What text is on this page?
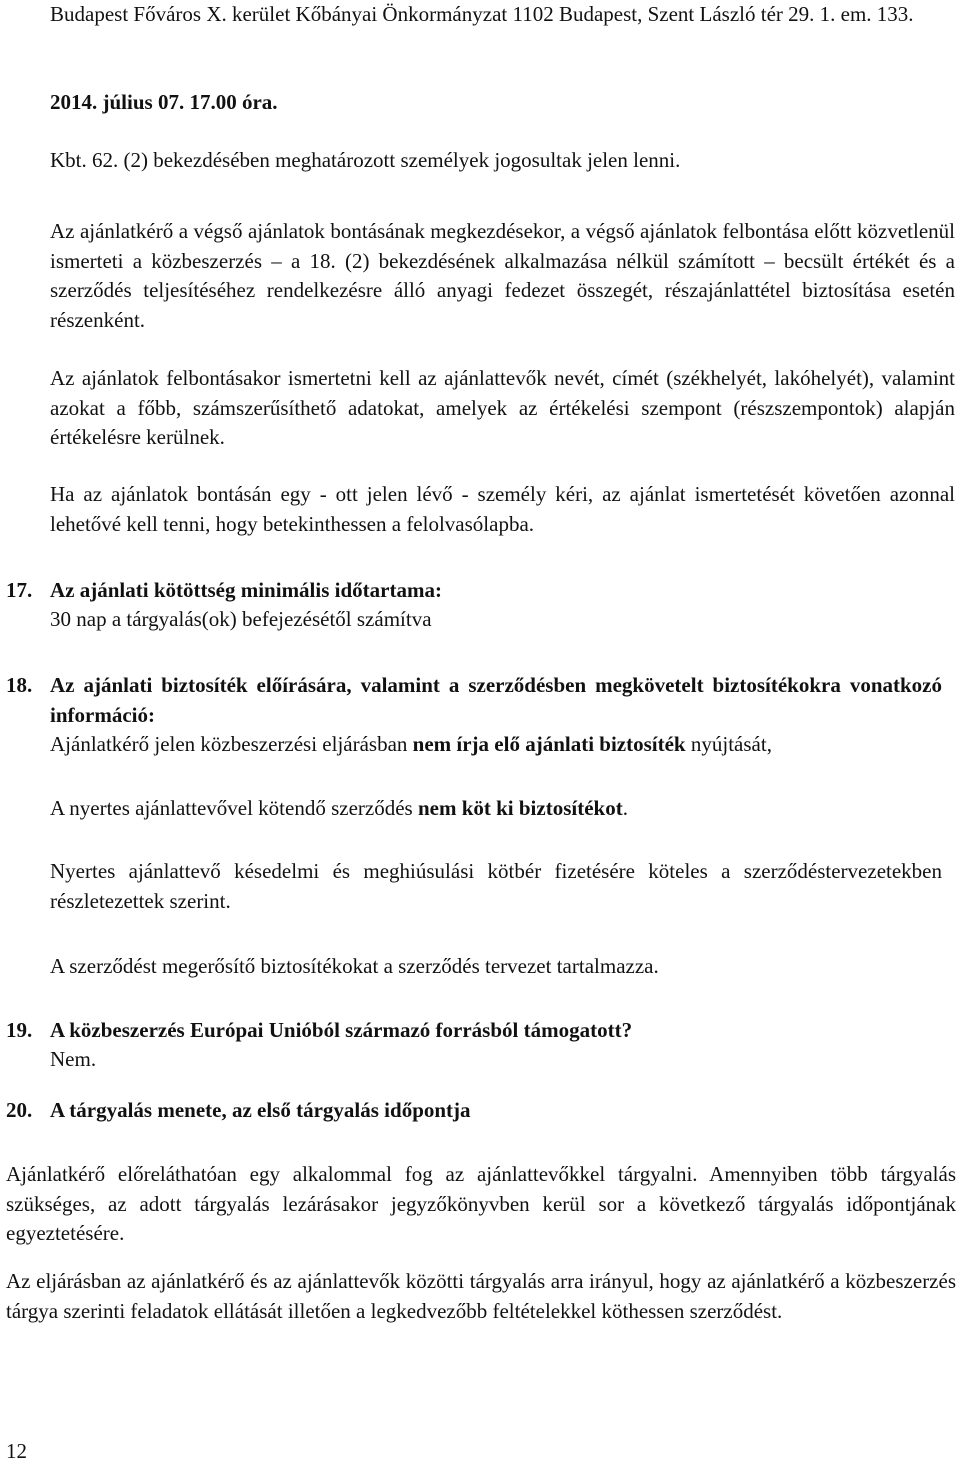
Budapest Főváros X. kerület Kőbányai Önkormányzat 1102 Budapest, Szent László tér 29. 1. em. 133.

2014. július 07. 17.00 óra.

Kbt. 62. (2) bekezdésében meghatározott személyek jogosultak jelen lenni.

Az ajánlatkérő a végső ajánlatok bontásának megkezdésekor, a végső ajánlatok felbontása előtt közvetlenül ismerteti a közbeszerzés – a 18. (2) bekezdésének alkalmazása nélkül számított – becsült értékét és a szerződés teljesítéséhez rendelkezésre álló anyagi fedezet összegét, részajánlattétel biztosítása esetén részenként.

Az ajánlatok felbontásakor ismertetni kell az ajánlattevők nevét, címét (székhelyét, lakóhelyét), valamint azokat a főbb, számszerűsíthető adatokat, amelyek az értékelési szempont (részszempontok) alapján értékelésre kerülnek.

Ha az ajánlatok bontásán egy - ott jelen lévő - személy kéri, az ajánlat ismertetését követően azonnal lehetővé kell tenni, hogy betekinthessen a felolvasólapba.

17. Az ajánlati kötöttség minimális időtartama:

30 nap a tárgyalás(ok) befejezésétől számítva

18. Az ajánlati biztosíték előírására, valamint a szerződésben megkövetelt biztosítékokra vonatkozó információ:

Ajánlatkérő jelen közbeszerzési eljárásban nem írja elő ajánlati biztosíték nyújtását,

A nyertes ajánlattevővel kötendő szerződés nem köt ki biztosítékot.

Nyertes ajánlattevő késedelmi és meghiúsulási kötbér fizetésére köteles a szerződéstervezetekben részletezettek szerint.

A szerződést megerősítő biztosítékokat a szerződés tervezet tartalmazza.

19. A közbeszerzés Európai Unióból származó forrásból támogatott?

Nem.

20. A tárgyalás menete, az első tárgyalás időpontja

Ajánlatkérő előreláthatóan egy alkalommal fog az ajánlattevőkkel tárgyalni. Amennyiben több tárgyalás szükséges, az adott tárgyalás lezárásakor jegyzőkönyvben kerül sor a következő tárgyalás időpontjának egyeztetésére.

Az eljárásban az ajánlatkérő és az ajánlattevők közötti tárgyalás arra irányul, hogy az ajánlatkérő a közbeszerzés tárgya szerinti feladatok ellátását illetően a legkedvezőbb feltételekkel köthessen szerződést.

12
